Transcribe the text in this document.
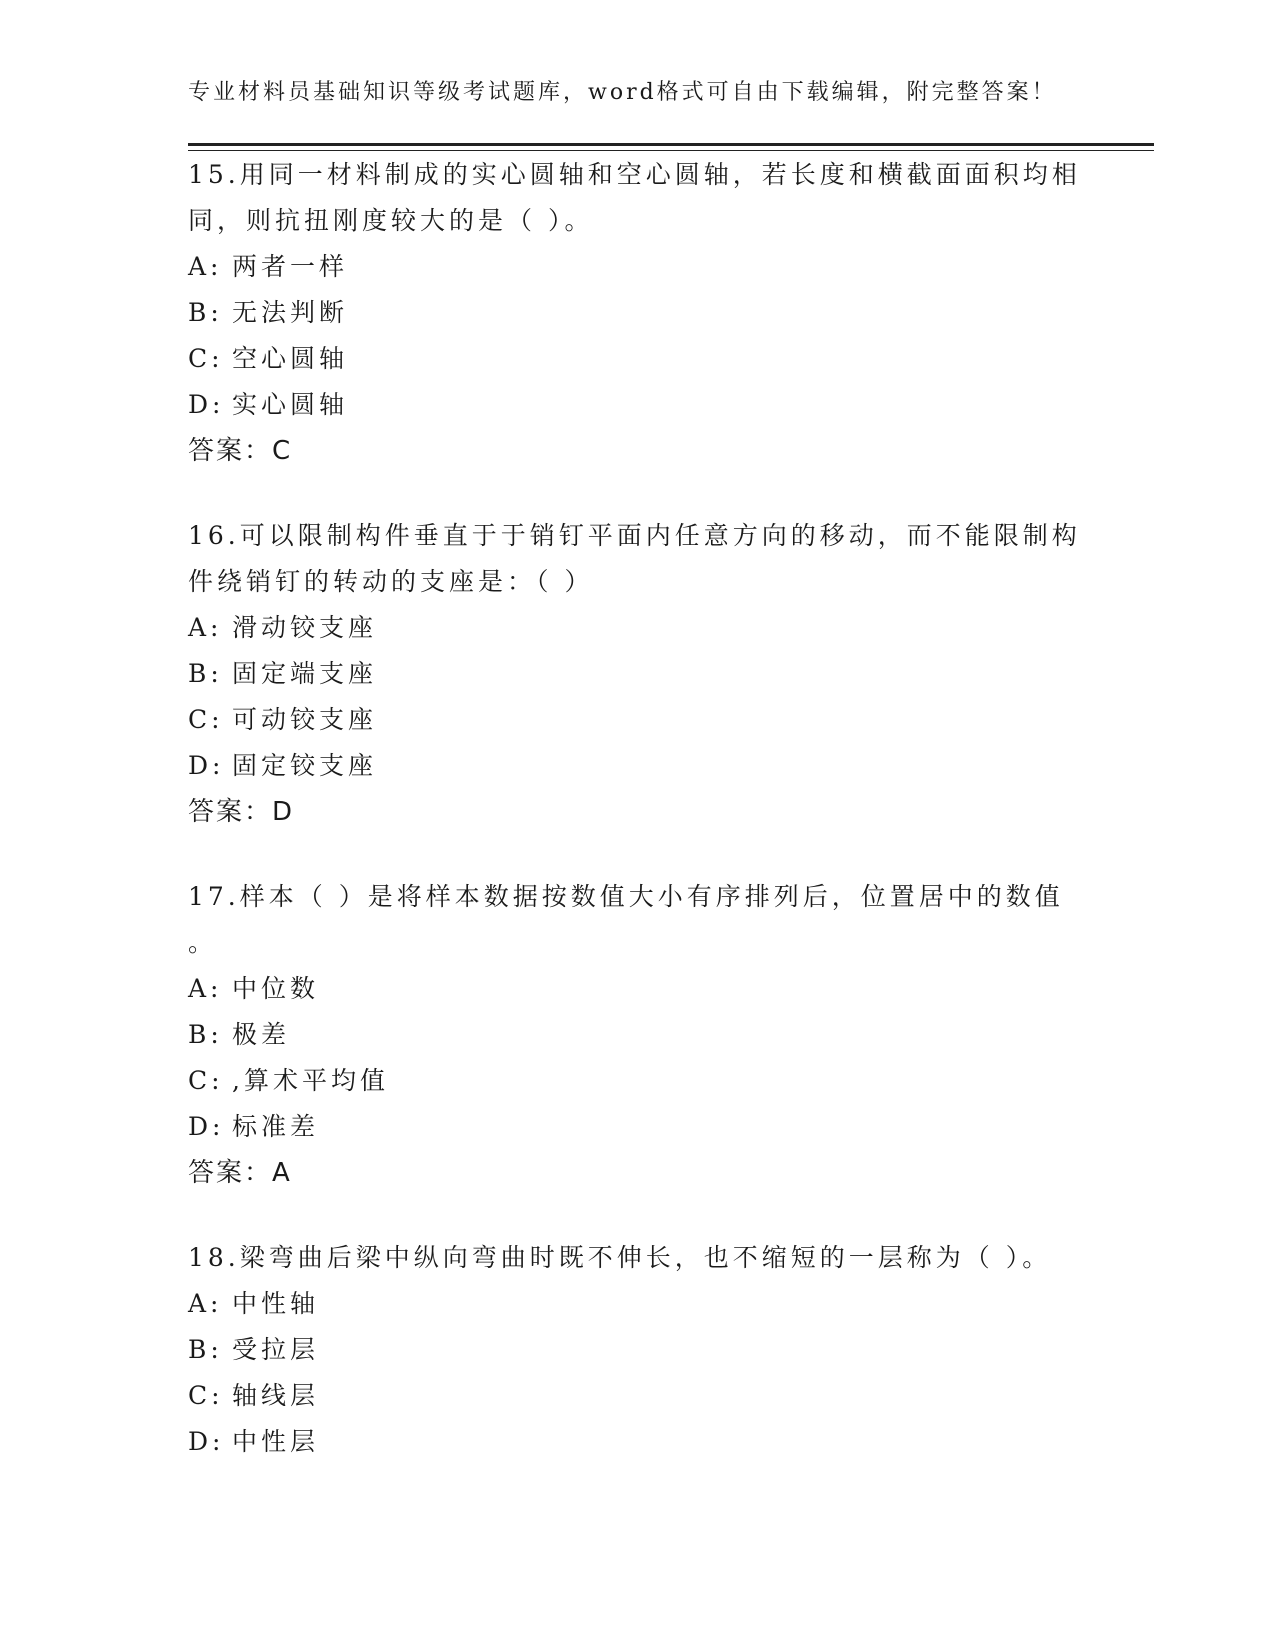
专业材料员基础知识等级考试题库，word格式可自由下载编辑，附完整答案！
15.用同一材料制成的实心圆轴和空心圆轴，若长度和横截面面积均相
同，则抗扭刚度较大的是（ ）。
A: 两者一样
B: 无法判断
C: 空心圆轴
D: 实心圆轴
答案：C
16.可以限制构件垂直于于销钉平面内任意方向的移动，而不能限制构
件绕销钉的转动的支座是：（ ）
A: 滑动铰支座
B: 固定端支座
C: 可动铰支座
D: 固定铰支座
答案：D
17.样本（ ）是将样本数据按数值大小有序排列后，位置居中的数值
。
A: 中位数
B: 极差
C: ,算术平均值
D: 标准差
答案：A
18.梁弯曲后梁中纵向弯曲时既不伸长，也不缩短的一层称为（ ）。
A: 中性轴
B: 受拉层
C: 轴线层
D: 中性层
